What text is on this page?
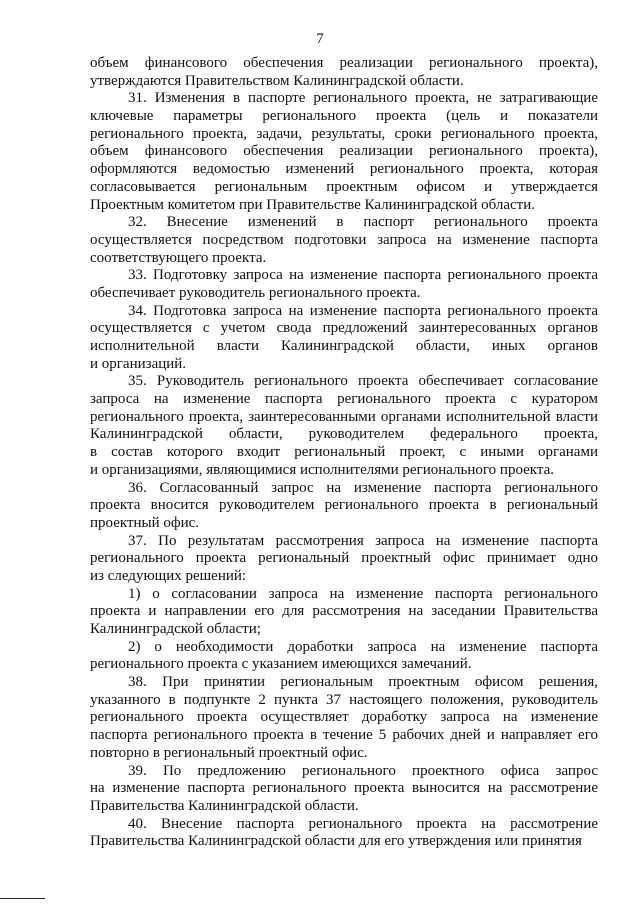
7
объем финансового обеспечения реализации регионального проекта),
утверждаются Правительством Калининградской области.
31. Изменения в паспорте регионального проекта, не затрагивающие
ключевые параметры регионального проекта (цель и показатели
регионального проекта, задачи, результаты, сроки регионального проекта,
объем финансового обеспечения реализации регионального проекта),
оформляются ведомостью изменений регионального проекта, которая
согласовывается региональным проектным офисом и утверждается
Проектным комитетом при Правительстве Калининградской области.
32. Внесение изменений в паспорт регионального проекта
осуществляется посредством подготовки запроса на изменение паспорта
соответствующего проекта.
33. Подготовку запроса на изменение паспорта регионального проекта
обеспечивает руководитель регионального проекта.
34. Подготовка запроса на изменение паспорта регионального проекта
осуществляется с учетом свода предложений заинтересованных органов
исполнительной власти Калининградской области, иных органов
и организаций.
35. Руководитель регионального проекта обеспечивает согласование
запроса на изменение паспорта регионального проекта с куратором
регионального проекта, заинтересованными органами исполнительной власти
Калининградской области, руководителем федерального проекта,
в состав которого входит региональный проект, с иными органами
и организациями, являющимися исполнителями регионального проекта.
36. Согласованный запрос на изменение паспорта регионального
проекта вносится руководителем регионального проекта в региональный
проектный офис.
37. По результатам рассмотрения запроса на изменение паспорта
регионального проекта региональный проектный офис принимает одно
из следующих решений:
1) о согласовании запроса на изменение паспорта регионального
проекта и направлении его для рассмотрения на заседании Правительства
Калининградской области;
2) о необходимости доработки запроса на изменение паспорта
регионального проекта с указанием имеющихся замечаний.
38. При принятии региональным проектным офисом решения,
указанного в подпункте 2 пункта 37 настоящего положения, руководитель
регионального проекта осуществляет доработку запроса на изменение
паспорта регионального проекта в течение 5 рабочих дней и направляет его
повторно в региональный проектный офис.
39. По предложению регионального проектного офиса запрос
на изменение паспорта регионального проекта выносится на рассмотрение
Правительства Калининградской области.
40. Внесение паспорта регионального проекта на рассмотрение
Правительства Калининградской области для его утверждения или принятия
